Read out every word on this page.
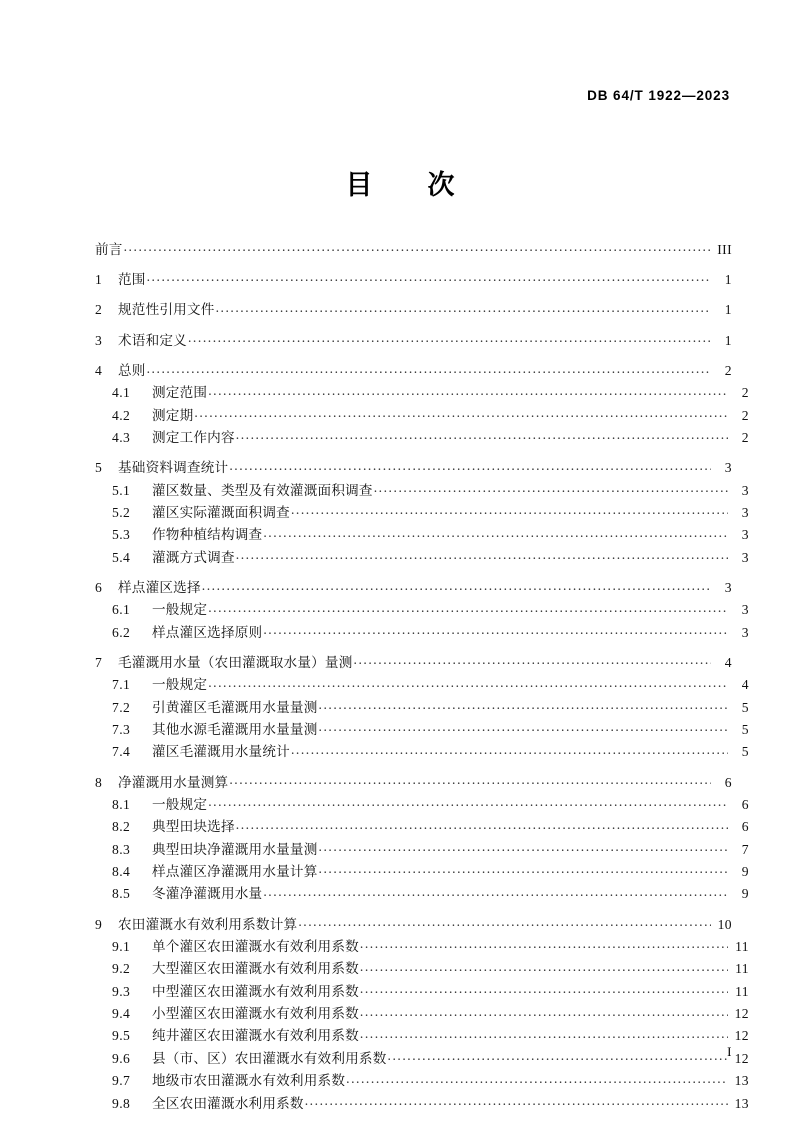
DB 64/T 1922—2023
目　次
前言 .....	III
1 范围 .....	1
2 规范性引用文件 .....	1
3 术语和定义 .....	1
4 总则 .....	2
4.1	测定范围 .....	2
4.2	测定期 .....	2
4.3	测定工作内容 .....	2
5 基础资料调查统计 .....	3
5.1	灌区数量、类型及有效灌溉面积调查 .....	3
5.2	灌区实际灌溉面积调查 .....	3
5.3	作物种植结构调查 .....	3
5.4	灌溉方式调查 .....	3
6 样点灌区选择 .....	3
6.1	一般规定 .....	3
6.2	样点灌区选择原则 .....	3
7 毛灌溉用水量（农田灌溉取水量）量测 .....	4
7.1	一般规定 .....	4
7.2	引黄灌区毛灌溉用水量量测 .....	5
7.3	其他水源毛灌溉用水量量测 .....	5
7.4	灌区毛灌溉用水量统计 .....	5
8 净灌溉用水量测算 .....	6
8.1	一般规定 .....	6
8.2	典型田块选择 .....	6
8.3	典型田块净灌溉用水量量测 .....	7
8.4	样点灌区净灌溉用水量计算 .....	9
8.5	冬灌净灌溉用水量 .....	9
9 农田灌溉水有效利用系数计算 .....	10
9.1	单个灌区农田灌溉水有效利用系数 .....	11
9.2	大型灌区农田灌溉水有效利用系数 .....	11
9.3	中型灌区农田灌溉水有效利用系数 .....	11
9.4	小型灌区农田灌溉水有效利用系数 .....	12
9.5	纯井灌区农田灌溉水有效利用系数 .....	12
9.6	县（市、区）农田灌溉水有效利用系数 .....	12
9.7	地级市农田灌溉水有效利用系数 .....	13
9.8	全区农田灌溉水利用系数 .....	13
I
